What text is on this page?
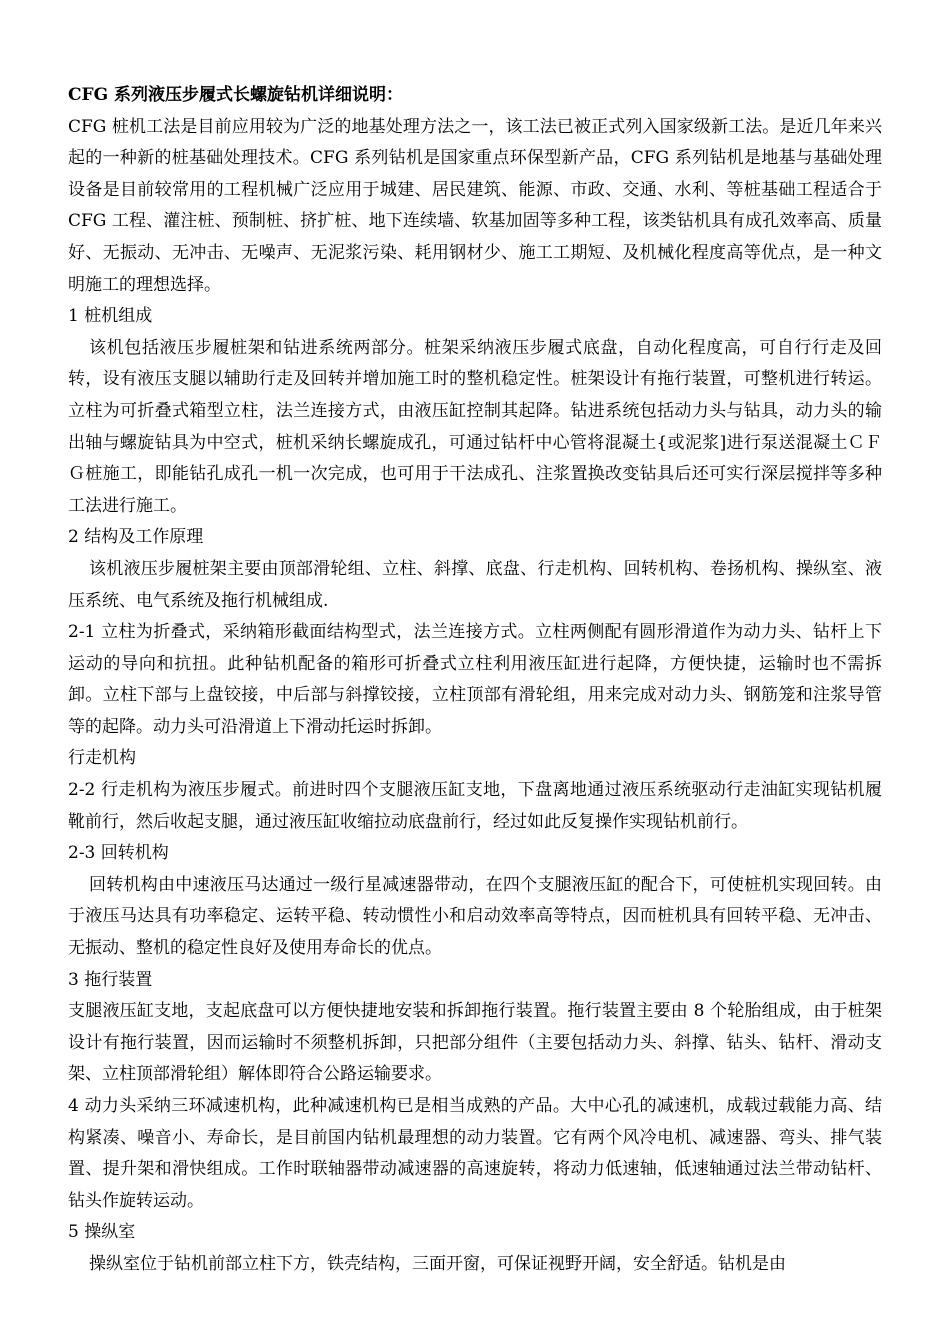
CFG 系列液压步履式长螺旋钻机详细说明：

CFG 桩机工法是目前应用较为广泛的地基处理方法之一，该工法已被正式列入国家级新工法。是近几年来兴起的一种新的桩基础处理技术。CFG 系列钻机是国家重点环保型新产品，CFG 系列钻机是地基与基础处理设备是目前较常用的工程机械广泛应用于城建、居民建筑、能源、市政、交通、水利、等桩基础工程适合于 CFG 工程、灌注桩、预制桩、挤扩桩、地下连续墙、软基加固等多种工程，该类钻机具有成孔效率高、质量好、无振动、无冲击、无噪声、无泥浆污染、耗用钢材少、施工工期短、及机械化程度高等优点，是一种文明施工的理想选择。

1 桩机组成

该机包括液压步履桩架和钻进系统两部分。桩架采纳液压步履式底盘，自动化程度高，可自行行走及回转，设有液压支腿以辅助行走及回转并增加施工时的整机稳定性。桩架设计有拖行装置，可整机进行转运。立柱为可折叠式箱型立柱，法兰连接方式，由液压缸控制其起降。钻进系统包括动力头与钻具，动力头的输出轴与螺旋钻具为中空式，桩机采纳长螺旋成孔，可通过钻杆中心管将混凝土{或泥浆]进行泵送混凝土ＣＦＧ桩施工，即能钻孔成孔一机一次完成，也可用于干法成孔、注浆置换改变钻具后还可实行深层搅拌等多种工法进行施工。

2 结构及工作原理

该机液压步履桩架主要由顶部滑轮组、立柱、斜撑、底盘、行走机构、回转机构、卷扬机构、操纵室、液压系统、电气系统及拖行机械组成.

2-1 立柱为折叠式，采纳箱形截面结构型式，法兰连接方式。立柱两侧配有圆形滑道作为动力头、钻杆上下运动的导向和抗扭。此种钻机配备的箱形可折叠式立柱利用液压缸进行起降，方便快捷，运输时也不需拆卸。立柱下部与上盘铰接，中后部与斜撑铰接，立柱顶部有滑轮组，用来完成对动力头、钢筋笼和注浆导管等的起降。动力头可沿滑道上下滑动托运时拆卸。

行走机构

2-2 行走机构为液压步履式。前进时四个支腿液压缸支地，下盘离地通过液压系统驱动行走油缸实现钻机履靴前行，然后收起支腿，通过液压缸收缩拉动底盘前行，经过如此反复操作实现钻机前行。

2-3 回转机构

回转机构由中速液压马达通过一级行星减速器带动，在四个支腿液压缸的配合下，可使桩机实现回转。由于液压马达具有功率稳定、运转平稳、转动惯性小和启动效率高等特点，因而桩机具有回转平稳、无冲击、无振动、整机的稳定性良好及使用寿命长的优点。

3 拖行装置

支腿液压缸支地，支起底盘可以方便快捷地安装和拆卸拖行装置。拖行装置主要由 8 个轮胎组成，由于桩架设计有拖行装置，因而运输时不须整机拆卸，只把部分组件（主要包括动力头、斜撑、钻头、钻杆、滑动支架、立柱顶部滑轮组）解体即符合公路运输要求。

4 动力头采纳三环减速机构，此种减速机构已是相当成熟的产品。大中心孔的减速机，成载过载能力高、结构紧凑、噪音小、寿命长，是目前国内钻机最理想的动力装置。它有两个风冷电机、减速器、弯头、排气装置、提升架和滑快组成。工作时联轴器带动减速器的高速旋转，将动力低速轴，低速轴通过法兰带动钻杆、钻头作旋转运动。

5 操纵室

操纵室位于钻机前部立柱下方，铁壳结构，三面开窗，可保证视野开阔，安全舒适。钻机是由
